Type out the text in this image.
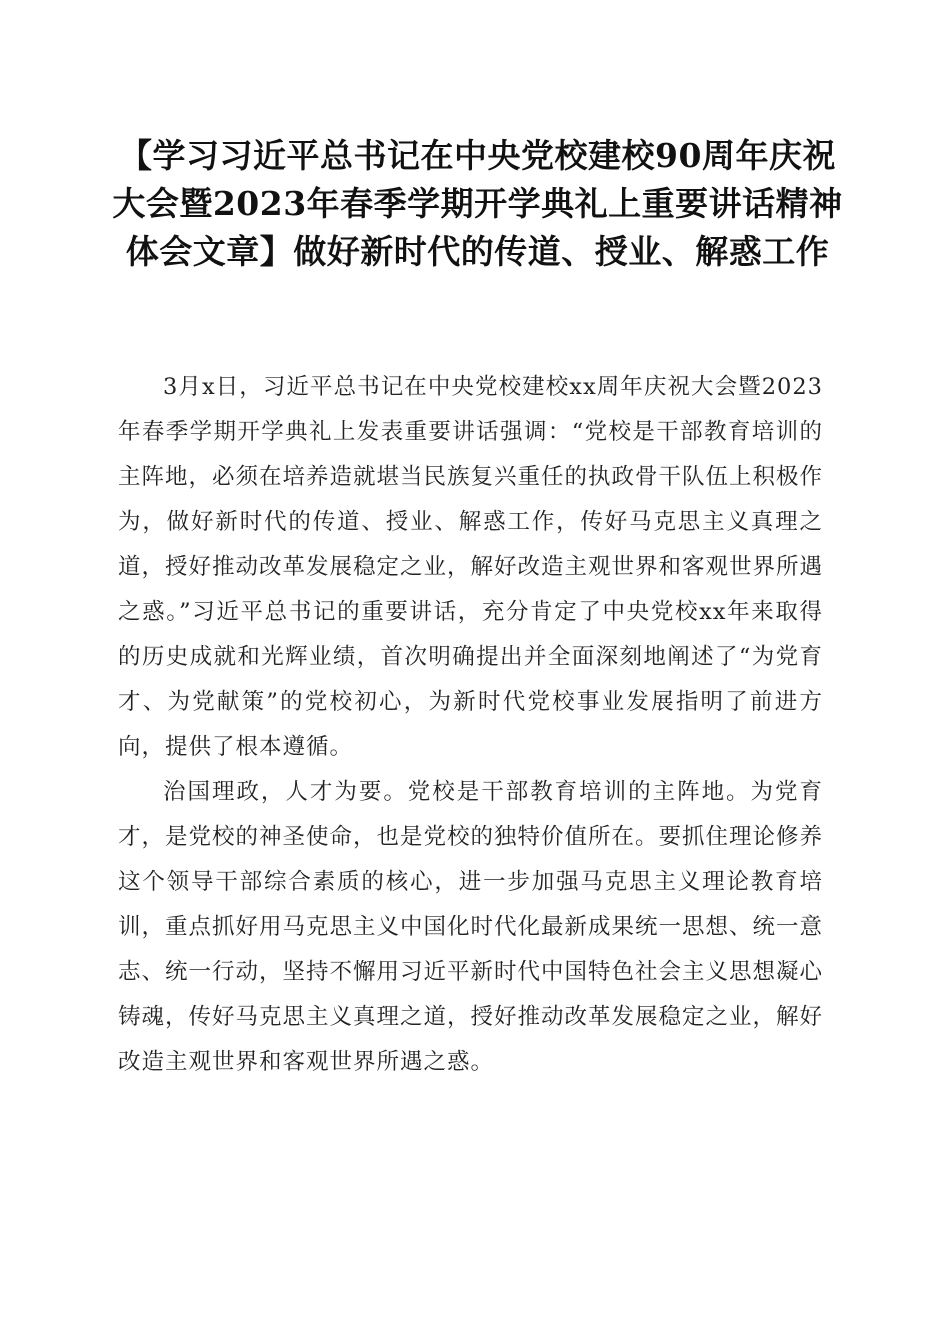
【学习习近平总书记在中央党校建校90周年庆祝大会暨2023年春季学期开学典礼上重要讲话精神体会文章】做好新时代的传道、授业、解惑工作

3月x日，习近平总书记在中央党校建校xx周年庆祝大会暨2023年春季学期开学典礼上发表重要讲话强调：“党校是干部教育培训的主阵地，必须在培养造就堪当民族复兴重任的执政骨干队伍上积极作为，做好新时代的传道、授业、解惑工作，传好马克思主义真理之道，授好推动改革发展稳定之业，解好改造主观世界和客观世界所遇之惑。”习近平总书记的重要讲话，充分肯定了中央党校xx年来取得的历史成就和光辉业绩，首次明确提出并全面深刻地阐述了“为党育才、为党献策”的党校初心，为新时代党校事业发展指明了前进方向，提供了根本遵循。

治国理政，人才为要。党校是干部教育培训的主阵地。为党育才，是党校的神圣使命，也是党校的独特价值所在。要抓住理论修养这个领导干部综合素质的核心，进一步加强马克思主义理论教育培训，重点抓好用马克思主义中国化时代化最新成果统一思想、统一意志、统一行动，坚持不懈用习近平新时代中国特色社会主义思想凝心铸魂，传好马克思主义真理之道，授好推动改革发展稳定之业，解好改造主观世界和客观世界所遇之惑。
